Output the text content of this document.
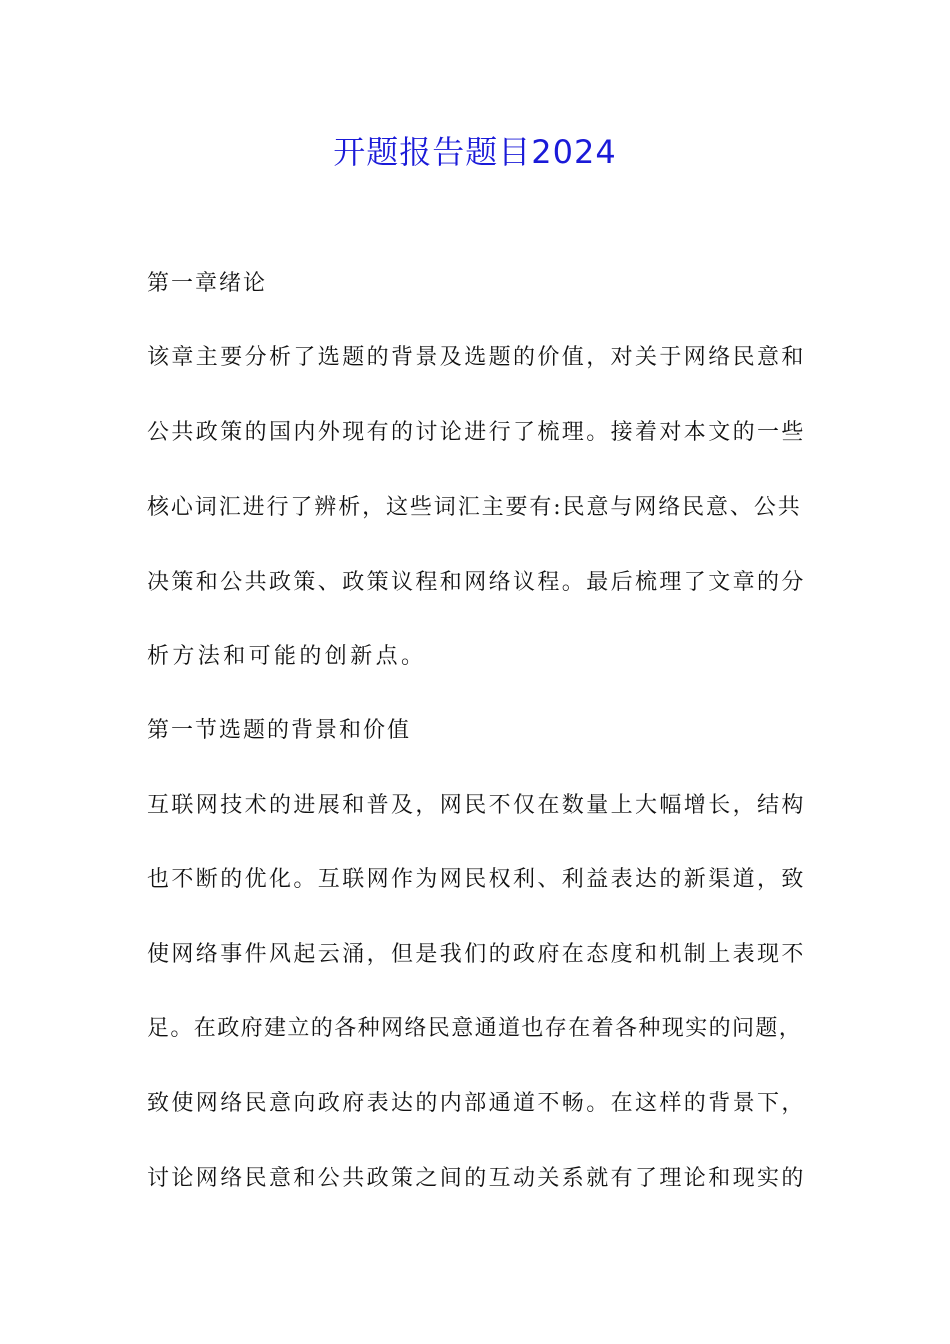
开题报告题目2024

第一章绪论

该章主要分析了选题的背景及选题的价值，对关于网络民意和

公共政策的国内外现有的讨论进行了梳理。接着对本文的一些

核心词汇进行了辨析，这些词汇主要有:民意与网络民意、公共

决策和公共政策、政策议程和网络议程。最后梳理了文章的分

析方法和可能的创新点。

第一节选题的背景和价值

互联网技术的进展和普及，网民不仅在数量上大幅增长，结构

也不断的优化。互联网作为网民权利、利益表达的新渠道，致

使网络事件风起云涌，但是我们的政府在态度和机制上表现不

足。在政府建立的各种网络民意通道也存在着各种现实的问题，

致使网络民意向政府表达的内部通道不畅。在这样的背景下，

讨论网络民意和公共政策之间的互动关系就有了理论和现实的
